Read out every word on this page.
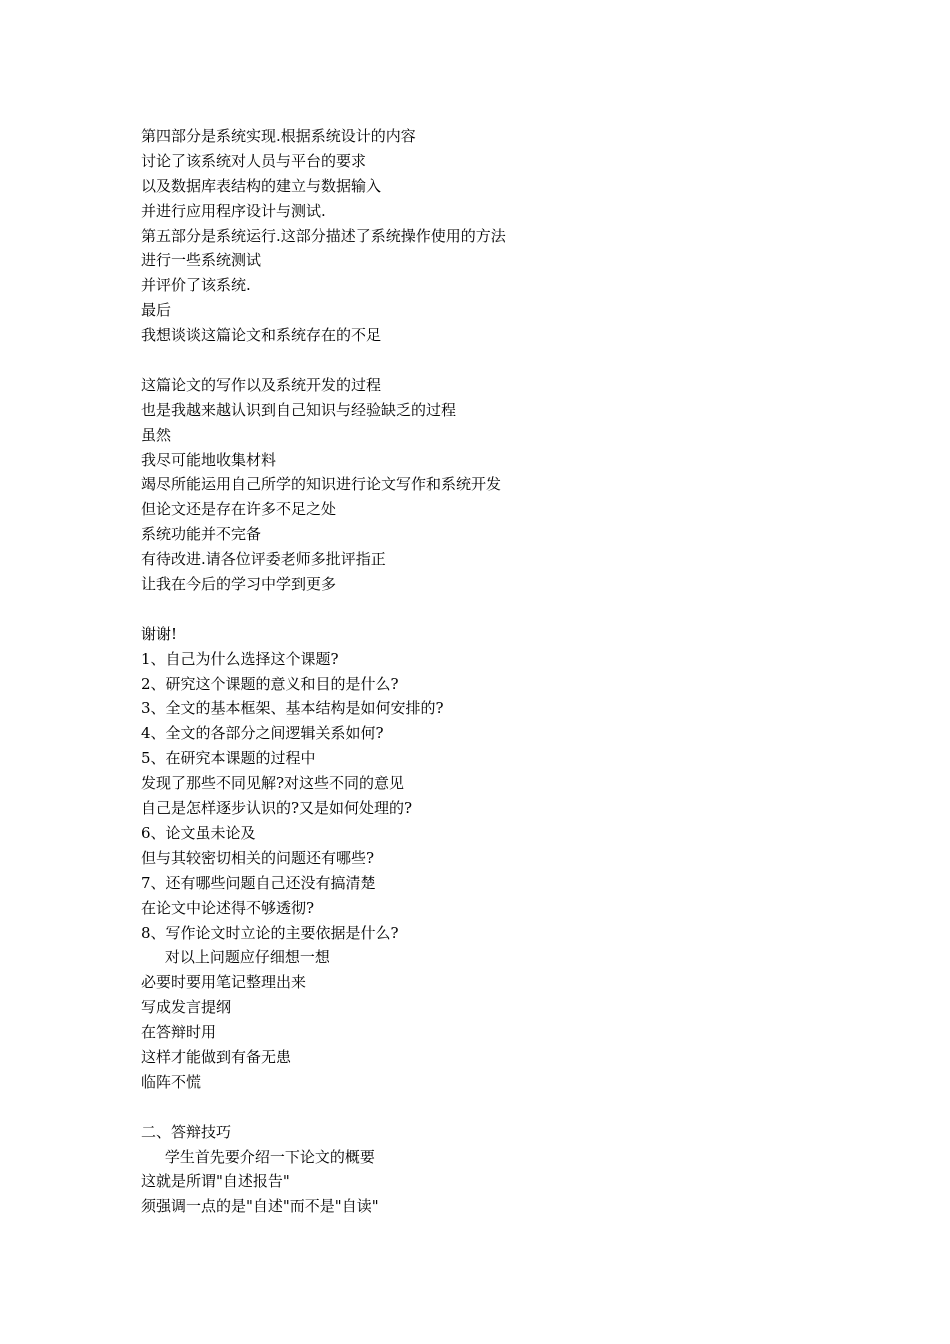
第四部分是系统实现.根据系统设计的内容
讨论了该系统对人员与平台的要求
以及数据库表结构的建立与数据输入
并进行应用程序设计与测试.
第五部分是系统运行.这部分描述了系统操作使用的方法
进行一些系统测试
并评价了该系统.
最后
我想谈谈这篇论文和系统存在的不足
这篇论文的写作以及系统开发的过程
也是我越来越认识到自己知识与经验缺乏的过程
虽然
我尽可能地收集材料
竭尽所能运用自己所学的知识进行论文写作和系统开发
但论文还是存在许多不足之处
系统功能并不完备
有待改进.请各位评委老师多批评指正
让我在今后的学习中学到更多
谢谢!
1、自己为什么选择这个课题?
2、研究这个课题的意义和目的是什么?
3、全文的基本框架、基本结构是如何安排的?
4、全文的各部分之间逻辑关系如何?
5、在研究本课题的过程中
发现了那些不同见解?对这些不同的意见
自己是怎样逐步认识的?又是如何处理的?
6、论文虽未论及
但与其较密切相关的问题还有哪些?
7、还有哪些问题自己还没有搞清楚
在论文中论述得不够透彻?
8、写作论文时立论的主要依据是什么?
对以上问题应仔细想一想
必要时要用笔记整理出来
写成发言提纲
在答辩时用
这样才能做到有备无患
临阵不慌
二、答辩技巧
学生首先要介绍一下论文的概要
这就是所谓"自述报告"
须强调一点的是"自述"而不是"自读"
